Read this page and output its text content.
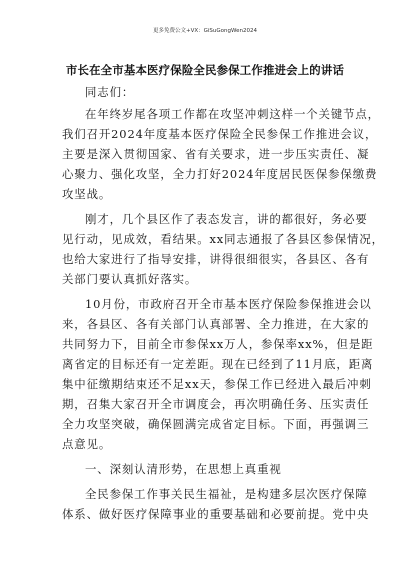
更多免费公文+VX：GiSuGongWen2024
市长在全市基本医疗保险全民参保工作推进会上的讲话
同志们：
在年终岁尾各项工作都在攻坚冲刺这样一个关键节点，
我们召开2024年度基本医疗保险全民参保工作推进会议，
主要是深入贯彻国家、省有关要求，进一步压实责任、凝
心聚力、强化攻坚，全力打好2024年度居民医保参保缴费
攻坚战。
刚才，几个县区作了表态发言，讲的都很好，务必要
见行动，见成效，看结果。xx同志通报了各县区参保情况，
也给大家进行了指导安排，讲得很细很实，各县区、各有
关部门要认真抓好落实。
10月份，市政府召开全市基本医疗保险参保推进会以
来，各县区、各有关部门认真部署、全力推进，在大家的
共同努力下，目前全市参保xx万人，参保率xx%，但是距
离省定的目标还有一定差距。现在已经到了11月底，距离
集中征缴期结束还不足xx天，参保工作已经进入最后冲刺
期，召集大家召开全市调度会，再次明确任务、压实责任
全力攻坚突破，确保圆满完成省定目标。下面，再强调三
点意见。
一、深刻认清形势，在思想上真重视
全民参保工作事关民生福祉，是构建多层次医疗保障
体系、做好医疗保障事业的重要基础和必要前提。党中央
